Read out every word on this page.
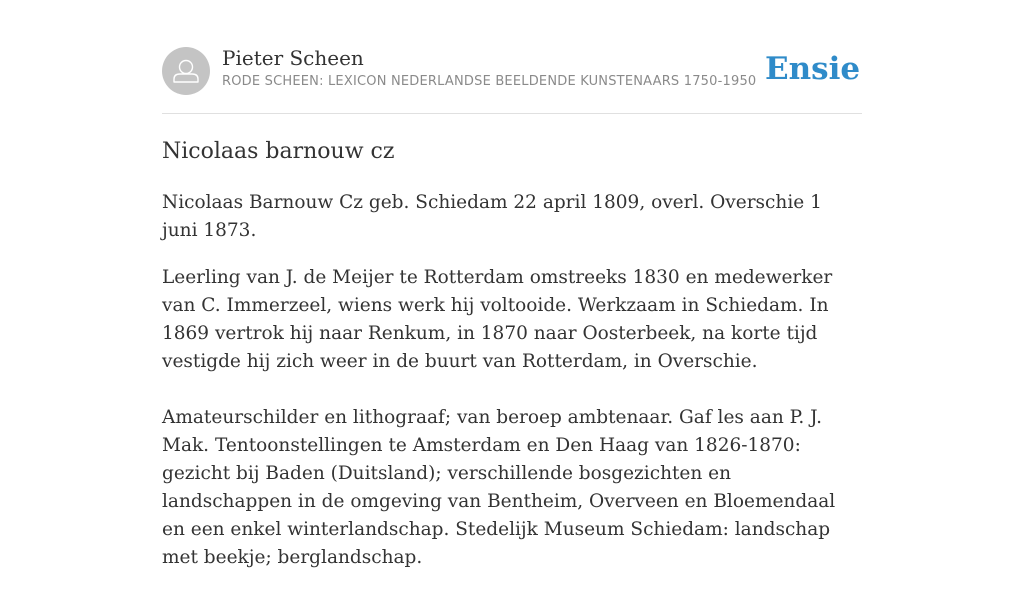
Pieter Scheen
RODE SCHEEN: LEXICON NEDERLANDSE BEELDENDE KUNSTENAARS 1750-1950 Ensie
Nicolaas barnouw cz

Nicolaas Barnouw Cz geb. Schiedam 22 april 1809, overl. Overschie 1 juni 1873.

Leerling van J. de Meijer te Rotterdam omstreeks 1830 en medewerker van C. Immerzeel, wiens werk hij voltooide. Werkzaam in Schiedam. In 1869 vertrok hij naar Renkum, in 1870 naar Oosterbeek, na korte tijd vestigde hij zich weer in de buurt van Rotterdam, in Overschie.

Amateurschilder en lithograaf; van beroep ambtenaar. Gaf les aan P. J. Mak. Tentoonstellingen te Amsterdam en Den Haag van 1826-1870: gezicht bij Baden (Duitsland); verschillende bosgezichten en landschappen in de omgeving van Bentheim, Overveen en Bloemendaal en een enkel winterlandschap. Stedelijk Museum Schiedam: landschap met beekje; berglandschap.
